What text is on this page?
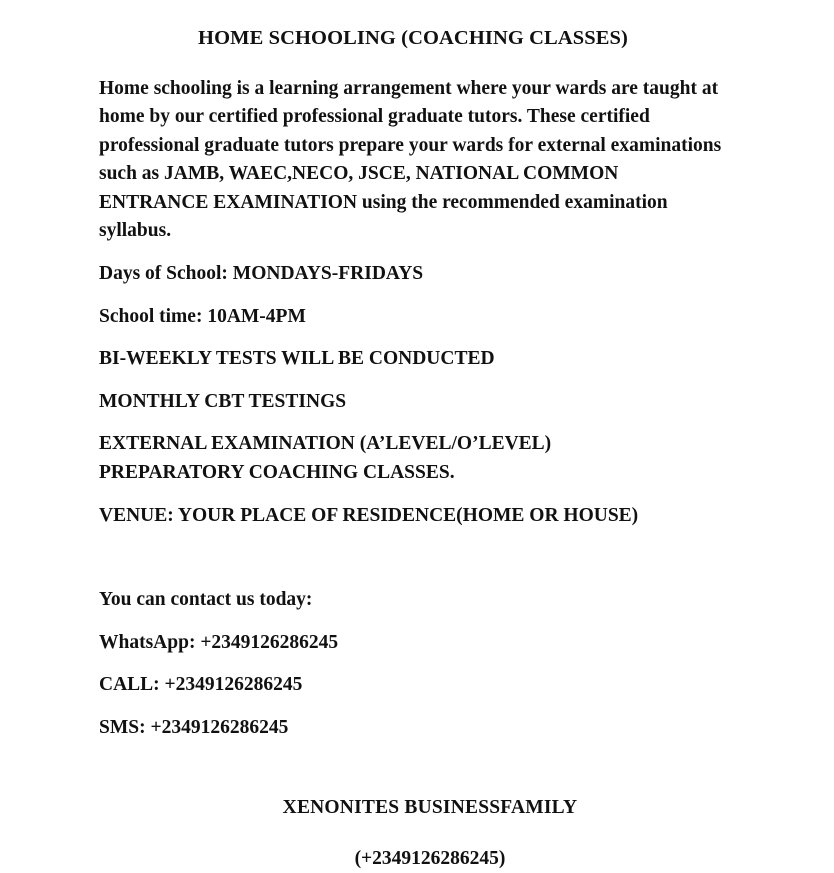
HOME SCHOOLING (COACHING CLASSES)

Home schooling is a learning arrangement where your wards are taught at home by our certified professional graduate tutors. These certified professional graduate tutors prepare your wards for external examinations such as JAMB, WAEC,NECO, JSCE, NATIONAL COMMON ENTRANCE EXAMINATION using the recommended examination syllabus.

Days of School: MONDAYS-FRIDAYS

School time: 10AM-4PM

BI-WEEKLY TESTS WILL BE CONDUCTED

MONTHLY CBT TESTINGS

EXTERNAL EXAMINATION (A’LEVEL/O’LEVEL)

PREPARATORY COACHING CLASSES.

VENUE: YOUR PLACE OF RESIDENCE(HOME OR HOUSE)

You can contact us today:

WhatsApp: +2349126286245

CALL: +2349126286245

SMS: +2349126286245

XENONITES BUSINESSFAMILY

(+2349126286245)
